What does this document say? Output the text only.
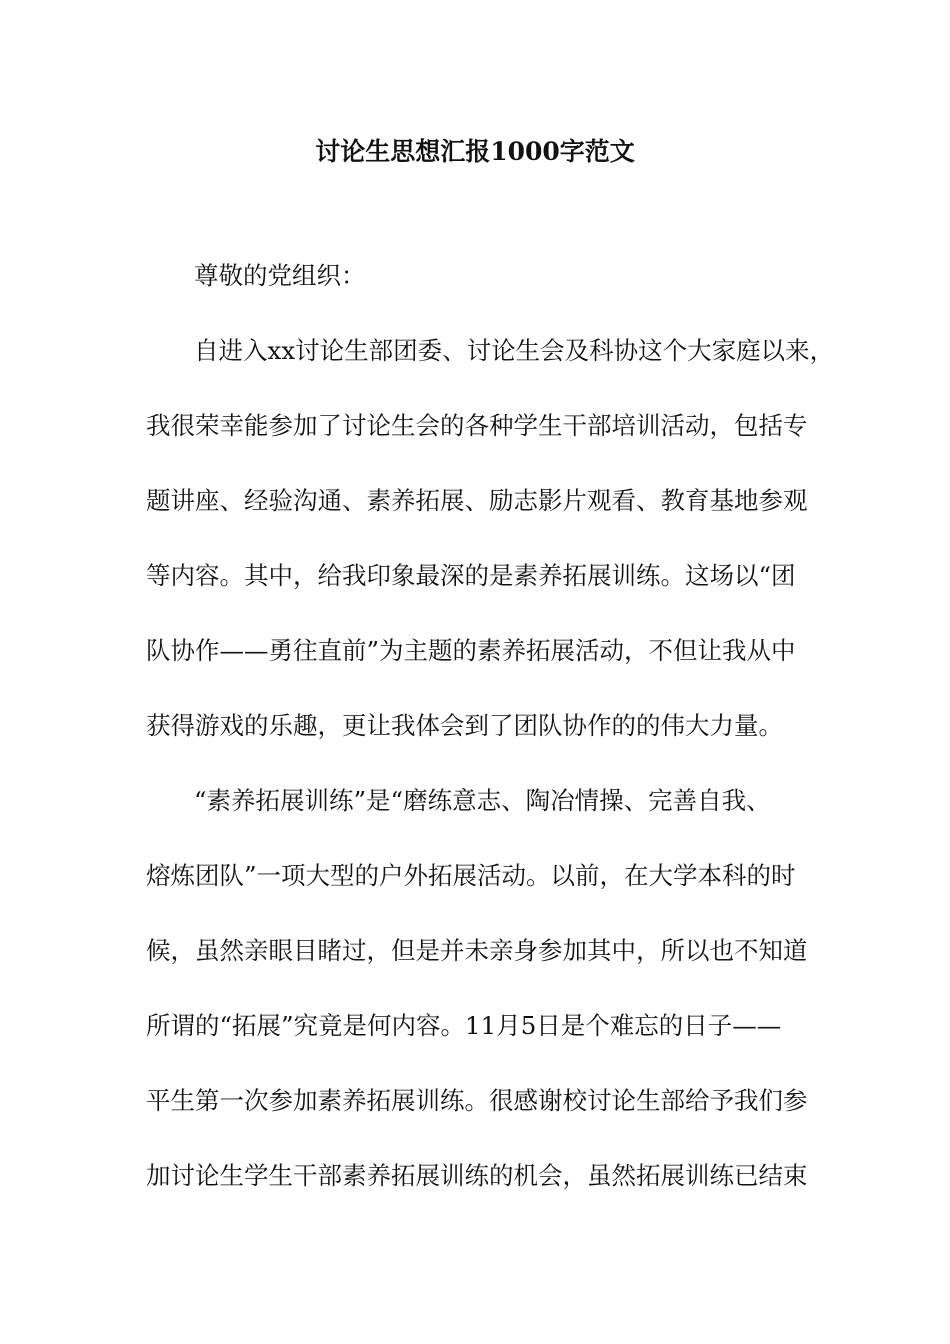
讨论生思想汇报1000字范文
尊敬的党组织：
自进入xx讨论生部团委、讨论生会及科协这个大家庭以来，
我很荣幸能参加了讨论生会的各种学生干部培训活动，包括专
题讲座、经验沟通、素养拓展、励志影片观看、教育基地参观
等内容。其中，给我印象最深的是素养拓展训练。这场以“团
队协作——勇往直前”为主题的素养拓展活动，不但让我从中
获得游戏的乐趣，更让我体会到了团队协作的的伟大力量。
“素养拓展训练”是“磨练意志、陶冶情操、完善自我、
熔炼团队”一项大型的户外拓展活动。以前，在大学本科的时
候，虽然亲眼目睹过，但是并未亲身参加其中，所以也不知道
所谓的“拓展”究竟是何内容。11月5日是个难忘的日子——
平生第一次参加素养拓展训练。很感谢校讨论生部给予我们参
加讨论生学生干部素养拓展训练的机会，虽然拓展训练已结束
